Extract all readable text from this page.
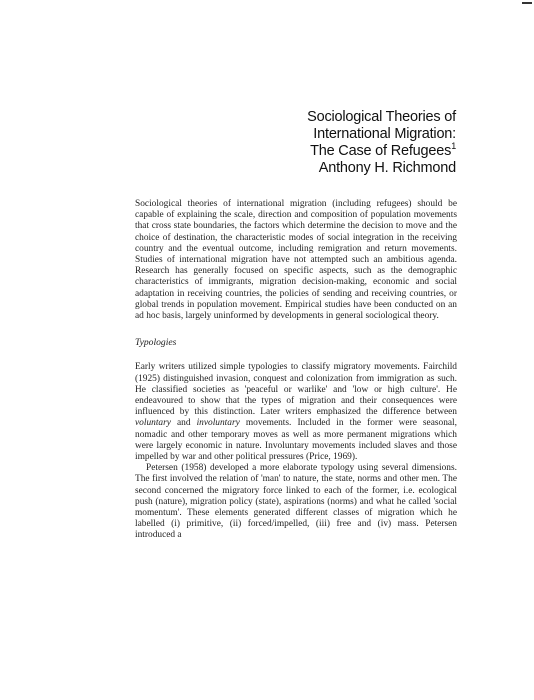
Sociological Theories of
International Migration:
The Case of Refugees$^1$
Anthony H. Richmond

Sociological theories of international migration (including refugees) should be capable of explaining the scale, direction and composition of population movements that cross state boundaries, the factors which determine the decision to move and the choice of destination, the characteristic modes of social integration in the receiving country and the eventual outcome, including remigration and return movements. Studies of international migration have not attempted such an ambitious agenda. Research has generally focused on specific aspects, such as the demographic characteristics of immigrants, migration decision-making, economic and social adaptation in receiving countries, the policies of sending and receiving countries, or global trends in population movement. Empirical studies have been conducted on an ad hoc basis, largely uninformed by developments in general sociological theory.

Typologies

Early writers utilized simple typologies to classify migratory movements. Fairchild (1925) distinguished invasion, conquest and colonization from immigration as such. He classified societies as 'peaceful or warlike' and 'low or high culture'. He endeavoured to show that the types of migration and their consequences were influenced by this distinction. Later writers emphasized the difference between voluntary and involuntary movements. Included in the former were seasonal, nomadic and other temporary moves as well as more permanent migrations which were largely economic in nature. Involuntary movements included slaves and those impelled by war and other political pressures (Price, 1969).

Petersen (1958) developed a more elaborate typology using several dimensions. The first involved the relation of 'man' to nature, the state, norms and other men. The second concerned the migratory force linked to each of the former, i.e. ecological push (nature), migration policy (state), aspirations (norms) and what he called 'social momentum'. These elements generated different classes of migration which he labelled (i) primitive, (ii) forced/impelled, (iii) free and (iv) mass. Petersen introduced a
